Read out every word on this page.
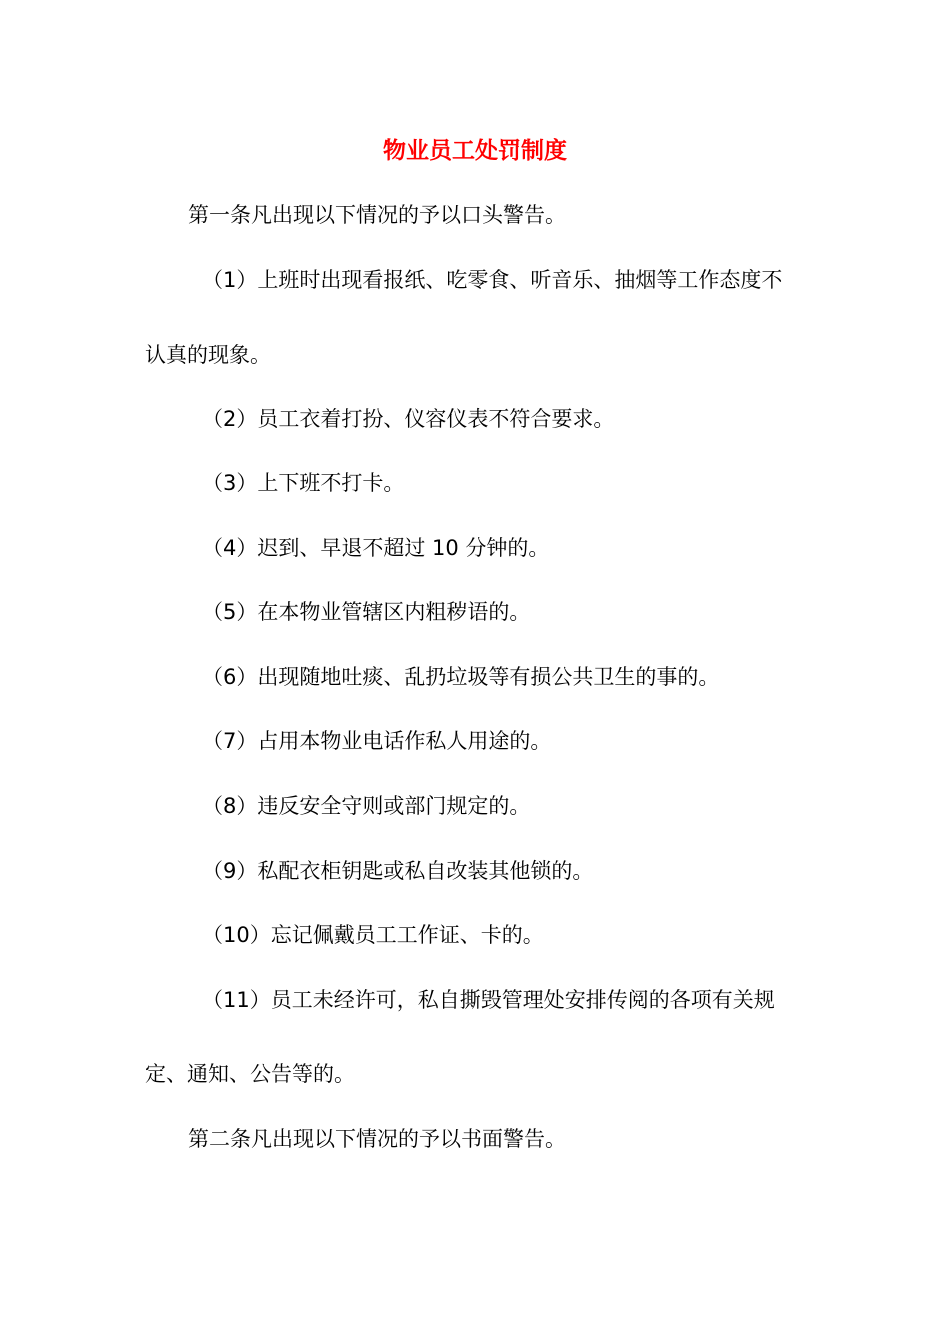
物业员工处罚制度

第一条凡出现以下情况的予以口头警告。

（1）上班时出现看报纸、吃零食、听音乐、抽烟等工作态度不

认真的现象。

（2）员工衣着打扮、仪容仪表不符合要求。

（3）上下班不打卡。

（4）迟到、早退不超过 10 分钟的。

（5）在本物业管辖区内粗秽语的。

（6）出现随地吐痰、乱扔垃圾等有损公共卫生的事的。

（7）占用本物业电话作私人用途的。

（8）违反安全守则或部门规定的。

（9）私配衣柜钥匙或私自改装其他锁的。

（10）忘记佩戴员工工作证、卡的。

（11）员工未经许可，私自撕毁管理处安排传阅的各项有关规

定、通知、公告等的。

第二条凡出现以下情况的予以书面警告。
